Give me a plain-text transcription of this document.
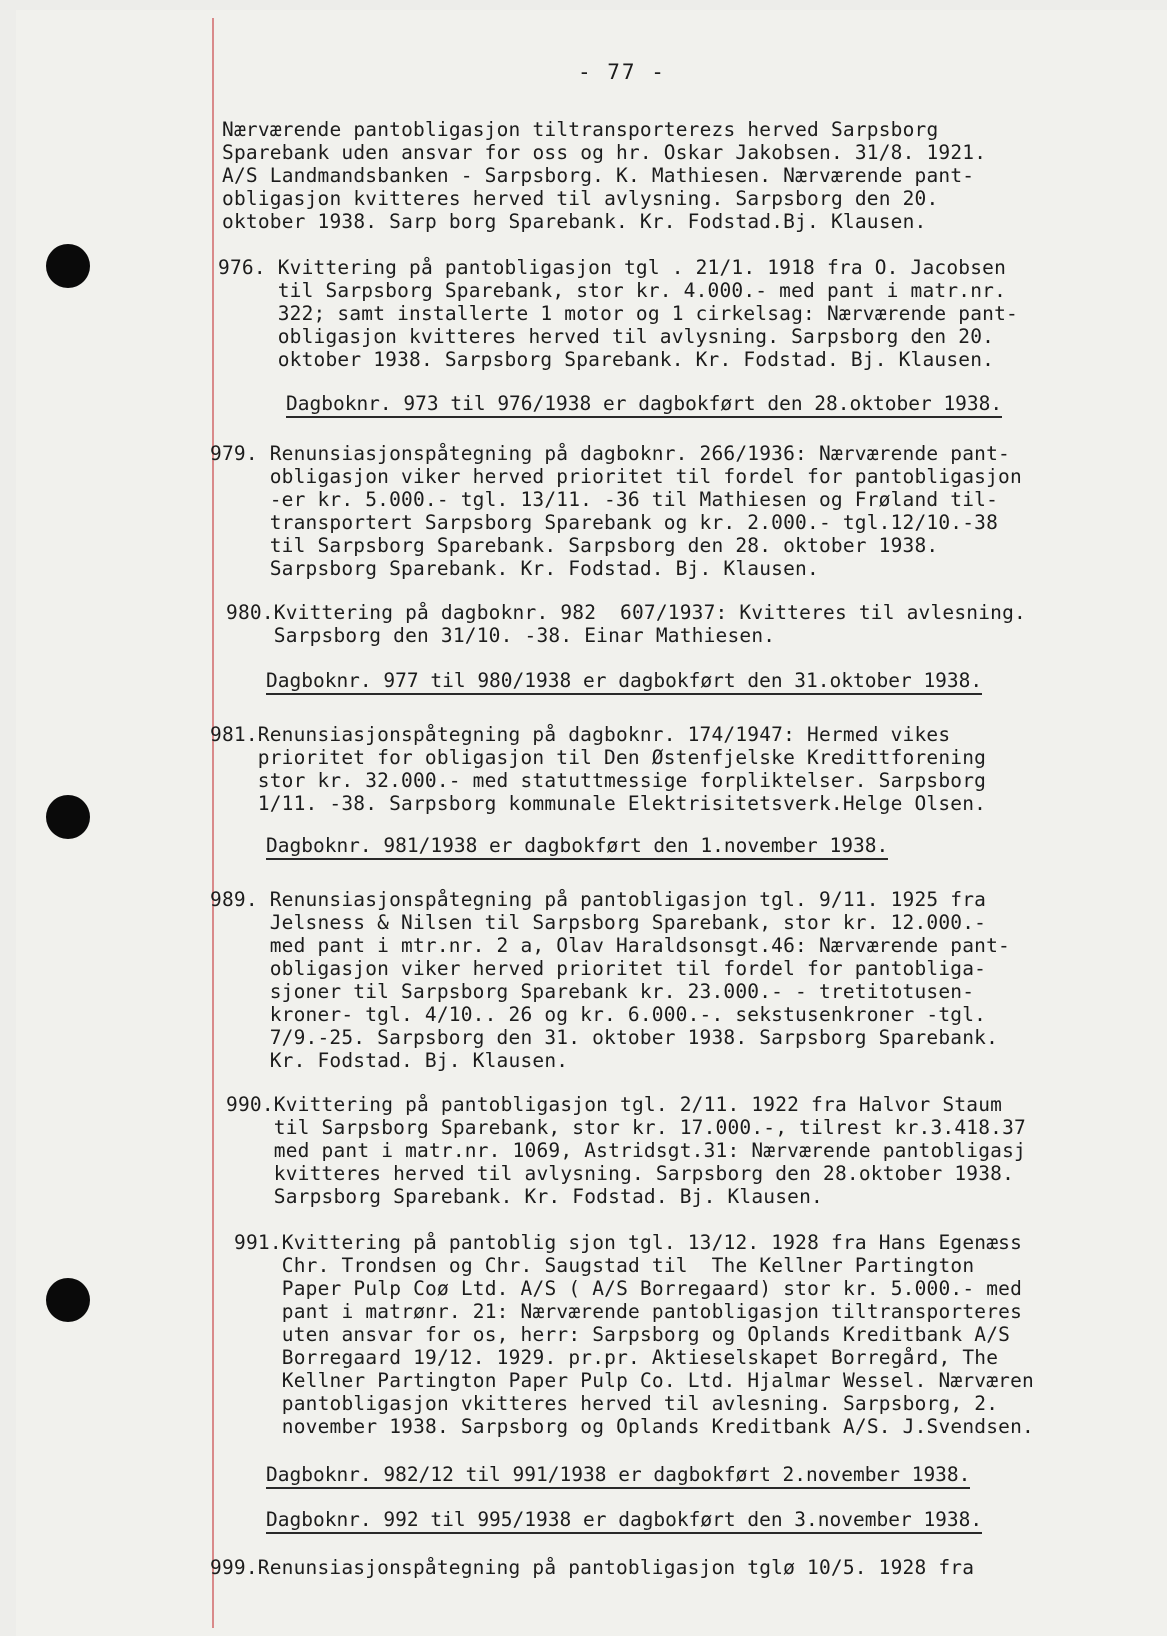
- 77 -
Nærværende pantobligasjon tiltransporterezs herved Sarpsborg
Sparebank uden ansvar for oss og hr. Oskar Jakobsen. 31/8. 1921.
A/S Landmandsbanken - Sarpsborg. K. Mathiesen. Nærværende pant-
obligasjon kvitteres herved til avlysning. Sarpsborg den 20.
oktober 1938. Sarp borg Sparebank. Kr. Fodstad.Bj. Klausen.
976. Kvittering på pantobligasjon tgl . 21/1. 1918 fra O. Jacobsen
til Sarpsborg Sparebank, stor kr. 4.000.- med pant i matr.nr.
322; samt installerte 1 motor og 1 cirkelsag: Nærværende pant-
obligasjon kvitteres herved til avlysning. Sarpsborg den 20.
oktober 1938. Sarpsborg Sparebank. Kr. Fodstad. Bj. Klausen.
Dagboknr. 973 til 976/1938 er dagbokført den 28.oktober 1938.
979. Renunsiasjonspåtegning på dagboknr. 266/1936: Nærværende pant-
obligasjon viker herved prioritet til fordel for pantobligasjon
-er kr. 5.000.- tgl. 13/11. -36 til Mathiesen og Frøland til-
transportert Sarpsborg Sparebank og kr. 2.000.- tgl.12/10.-38
til Sarpsborg Sparebank. Sarpsborg den 28. oktober 1938.
Sarpsborg Sparebank. Kr. Fodstad. Bj. Klausen.
980.Kvittering på dagboknr. 982  607/1937: Kvitteres til avlesning.
Sarpsborg den 31/10. -38. Einar Mathiesen.
Dagboknr. 977 til 980/1938 er dagbokført den 31.oktober 1938.
981.Renunsiasjonspåtegning på dagboknr. 174/1947: Hermed vikes
prioritet for obligasjon til Den Østenfjelske Kredittforening
stor kr. 32.000.- med statuttmessige forpliktelser. Sarpsborg
1/11. -38. Sarpsborg kommunale Elektrisitetsverk.Helge Olsen.
Dagboknr. 981/1938 er dagbokført den 1.november 1938.
989. Renunsiasjonspåtegning på pantobligasjon tgl. 9/11. 1925 fra
Jelsness & Nilsen til Sarpsborg Sparebank, stor kr. 12.000.-
med pant i mtr.nr. 2 a, Olav Haraldsonsgt.46: Nærværende pant-
obligasjon viker herved prioritet til fordel for pantobliga-
sjoner til Sarpsborg Sparebank kr. 23.000.- - tretitotusen-
kroner- tgl. 4/10.. 26 og kr. 6.000.-. sekstusenkroner -tgl.
7/9.-25. Sarpsborg den 31. oktober 1938. Sarpsborg Sparebank.
Kr. Fodstad. Bj. Klausen.
990.Kvittering på pantobligasjon tgl. 2/11. 1922 fra Halvor Staum
til Sarpsborg Sparebank, stor kr. 17.000.-, tilrest kr.3.418.37
med pant i matr.nr. 1069, Astridsgt.31: Nærværende pantobligasj
kvitteres herved til avlysning. Sarpsborg den 28.oktober 1938.
Sarpsborg Sparebank. Kr. Fodstad. Bj. Klausen.
991.Kvittering på pantoblig sjon tgl. 13/12. 1928 fra Hans Egenæss
Chr. Trondsen og Chr. Saugstad til  The Kellner Partington
Paper Pulp Coø Ltd. A/S ( A/S Borregaard) stor kr. 5.000.- med
pant i matrønr. 21: Nærværende pantobligasjon tiltransporteres
uten ansvar for os, herr: Sarpsborg og Oplands Kreditbank A/S
Borregaard 19/12. 1929. pr.pr. Aktieselskapet Borregård, The
Kellner Partington Paper Pulp Co. Ltd. Hjalmar Wessel. Nærværen
pantobligasjon vkitteres herved til avlesning. Sarpsborg, 2.
november 1938. Sarpsborg og Oplands Kreditbank A/S. J.Svendsen.
Dagboknr. 982/12 til 991/1938 er dagbokført 2.november 1938.
Dagboknr. 992 til 995/1938 er dagbokført den 3.november 1938.
999.Renunsiasjonspåtegning på pantobligasjon tglø 10/5. 1928 fra
